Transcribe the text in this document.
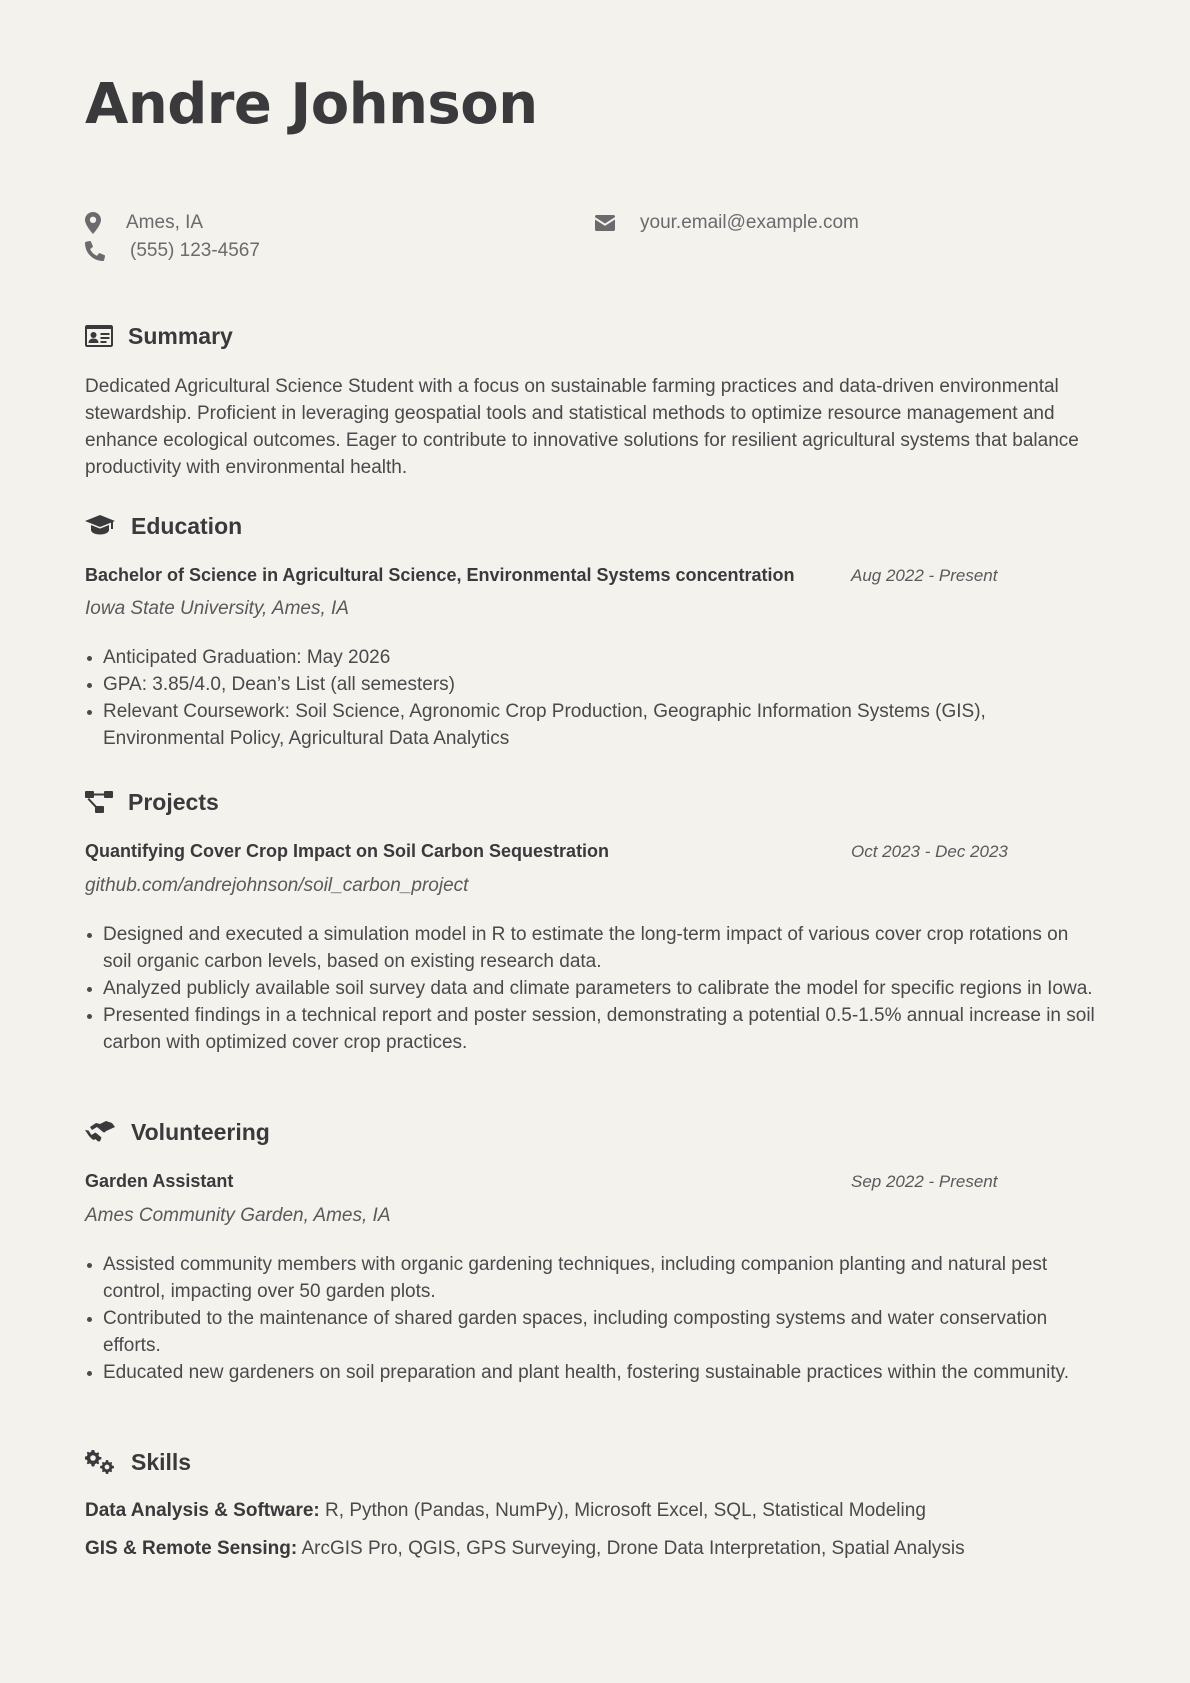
Andre Johnson
Ames, IA
(555) 123-4567
your.email@example.com
Summary
Dedicated Agricultural Science Student with a focus on sustainable farming practices and data-driven environmental stewardship. Proficient in leveraging geospatial tools and statistical methods to optimize resource management and enhance ecological outcomes. Eager to contribute to innovative solutions for resilient agricultural systems that balance productivity with environmental health.
Education
Bachelor of Science in Agricultural Science, Environmental Systems concentration	Aug 2022 - Present
Iowa State University, Ames, IA
Anticipated Graduation: May 2026
GPA: 3.85/4.0, Dean’s List (all semesters)
Relevant Coursework: Soil Science, Agronomic Crop Production, Geographic Information Systems (GIS), Environmental Policy, Agricultural Data Analytics
Projects
Quantifying Cover Crop Impact on Soil Carbon Sequestration	Oct 2023 - Dec 2023
github.com/andrejohnson/soil_carbon_project
Designed and executed a simulation model in R to estimate the long-term impact of various cover crop rotations on soil organic carbon levels, based on existing research data.
Analyzed publicly available soil survey data and climate parameters to calibrate the model for specific regions in Iowa.
Presented findings in a technical report and poster session, demonstrating a potential 0.5-1.5% annual increase in soil carbon with optimized cover crop practices.
Volunteering
Garden Assistant	Sep 2022 - Present
Ames Community Garden, Ames, IA
Assisted community members with organic gardening techniques, including companion planting and natural pest control, impacting over 50 garden plots.
Contributed to the maintenance of shared garden spaces, including composting systems and water conservation efforts.
Educated new gardeners on soil preparation and plant health, fostering sustainable practices within the community.
Skills
Data Analysis & Software: R, Python (Pandas, NumPy), Microsoft Excel, SQL, Statistical Modeling
GIS & Remote Sensing: ArcGIS Pro, QGIS, GPS Surveying, Drone Data Interpretation, Spatial Analysis
